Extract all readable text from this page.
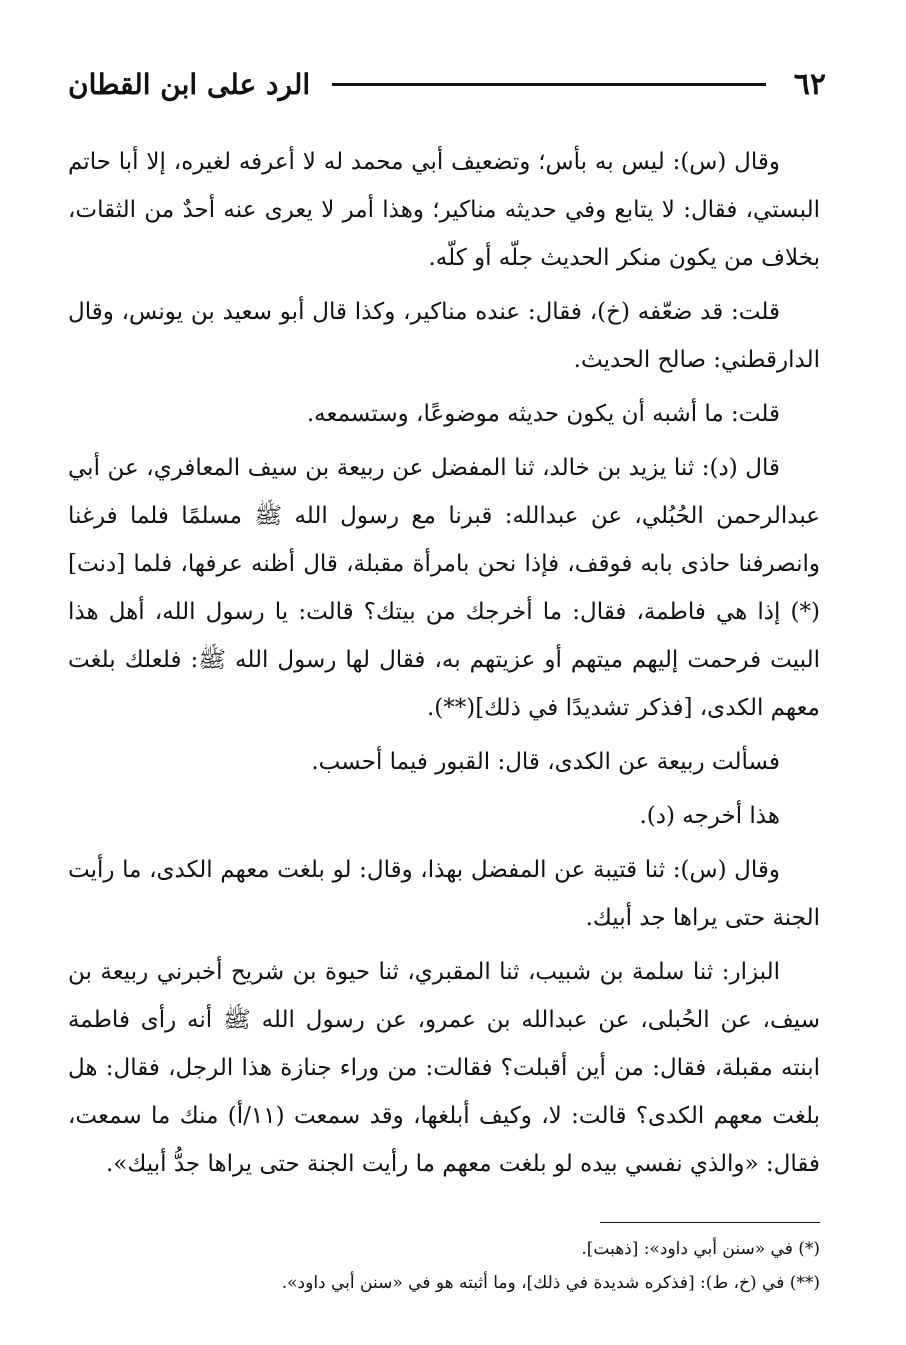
٦٢
الرد على ابن القطان

وقال (س): ليس به بأس؛ وتضعيف أبي محمد له لا أعرفه لغيره، إلا أبا حاتم البستي، فقال: لا يتابع وفي حديثه مناكير؛ وهذا أمر لا يعرى عنه أحدٌ من الثقات، بخلاف من يكون منكر الحديث جلّه أو كلّه.

قلت: قد ضعّفه (خ)، فقال: عنده مناكير، وكذا قال أبو سعيد بن يونس، وقال الدارقطني: صالح الحديث.

قلت: ما أشبه أن يكون حديثه موضوعًا، وستسمعه.

قال (د): ثنا يزيد بن خالد، ثنا المفضل عن ربيعة بن سيف المعافري، عن أبي عبدالرحمن الحُبُلي، عن عبدالله: قبرنا مع رسول الله ﷺ مسلمًا فلما فرغنا وانصرفنا حاذى بابه فوقف، فإذا نحن بامرأة مقبلة، قال أظنه عرفها، فلما [دنت](*) إذا هي فاطمة، فقال: ما أخرجك من بيتك؟ قالت: يا رسول الله، أهل هذا البيت فرحمت إليهم ميتهم أو عزيتهم به، فقال لها رسول الله ﷺ: فلعلك بلغت معهم الكدى، [فذكر تشديدًا في ذلك](**).

فسألت ربيعة عن الكدى، قال: القبور فيما أحسب.

هذا أخرجه (د).

وقال (س): ثنا قتيبة عن المفضل بهذا، وقال: لو بلغت معهم الكدى، ما رأيت الجنة حتى يراها جد أبيك.

البزار: ثنا سلمة بن شبيب، ثنا المقبري، ثنا حيوة بن شريح أخبرني ربيعة بن سيف، عن الحُبلى، عن عبدالله بن عمرو، عن رسول الله ﷺ أنه رأى فاطمة ابنته مقبلة، فقال: من أين أقبلت؟ فقالت: من وراء جنازة هذا الرجل، فقال: هل بلغت معهم الكدى؟ قالت: لا، وكيف أبلغها، وقد سمعت (١١/أ) منك ما سمعت، فقال: «والذي نفسي بيده لو بلغت معهم ما رأيت الجنة حتى يراها جدُّ أبيك».

(*) في «سنن أبي داود»: [ذهبت].

(**) في (خ، ط): [فذكره شديدة في ذلك]، وما أثبته هو في «سنن أبي داود».
